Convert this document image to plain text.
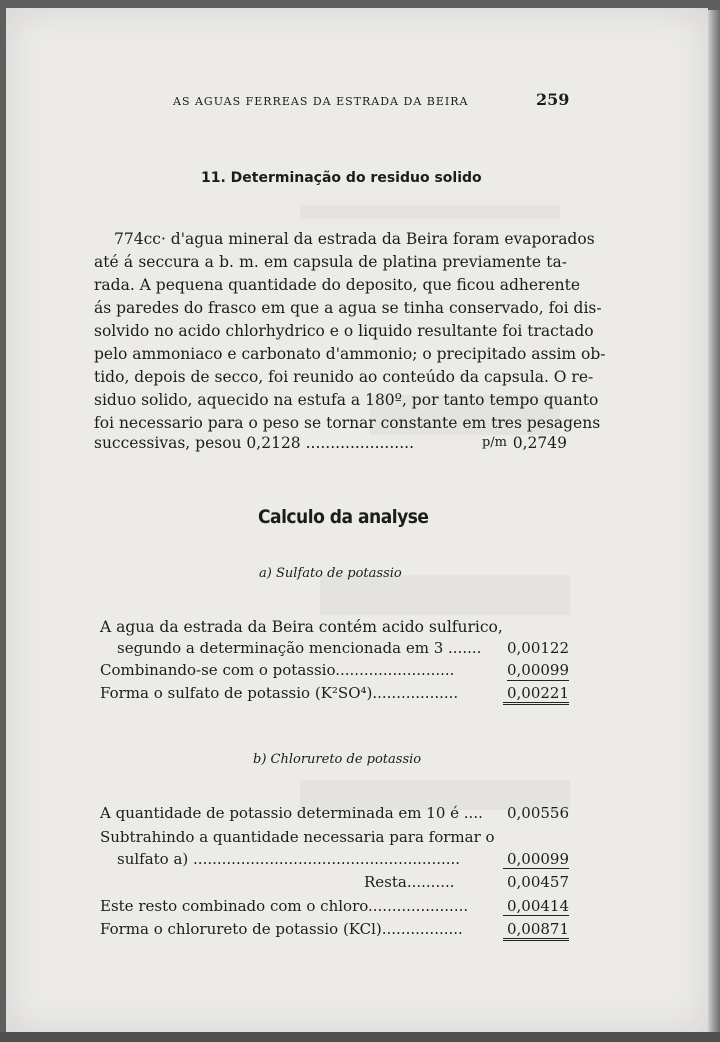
AS AGUAS FERREAS DA ESTRADA DA BEIRA	259
11. Determinação do residuo solido
774cc· d'agua mineral da estrada da Beira foram evaporados
até á seccura a b. m. em capsula de platina previamente ta-
rada. A pequena quantidade do deposito, que ficou adherente
ás paredes do frasco em que a agua se tinha conservado, foi dis-
solvido no acido chlorhydrico e o liquido resultante foi tractado
pelo ammoniaco e carbonato d'ammonio; o precipitado assim ob-
tido, depois de secco, foi reunido ao conteúdo da capsula. O re-
siduo solido, aquecido na estufa a 180º, por tanto tempo quanto
foi necessario para o peso se tornar constante em tres pesagens
successivas, pesou 0,2128 ......................	p/m 0,2749
Calculo da analyse
a) Sulfato de potassio
A agua da estrada da Beira contém acido sulfurico,
segundo a determinação mencionada em 3 ....... 0,00122
Combinando-se com o potassio.........................	0,00099
Forma o sulfato de potassio (K²SO⁴)..................	0,00221
b) Chloruretо de potassio
A quantidade de potassio determinada em 10 é .... 0,00556
Subtrahindo a quantidade necessaria para formar o
sulfato a) ........................................................	0,00099
Resta..........	0,00457
Este resto combinado com o chloro.....................	0,00414
Forma o chloruretо de potassio (KCl).................	0,00871
